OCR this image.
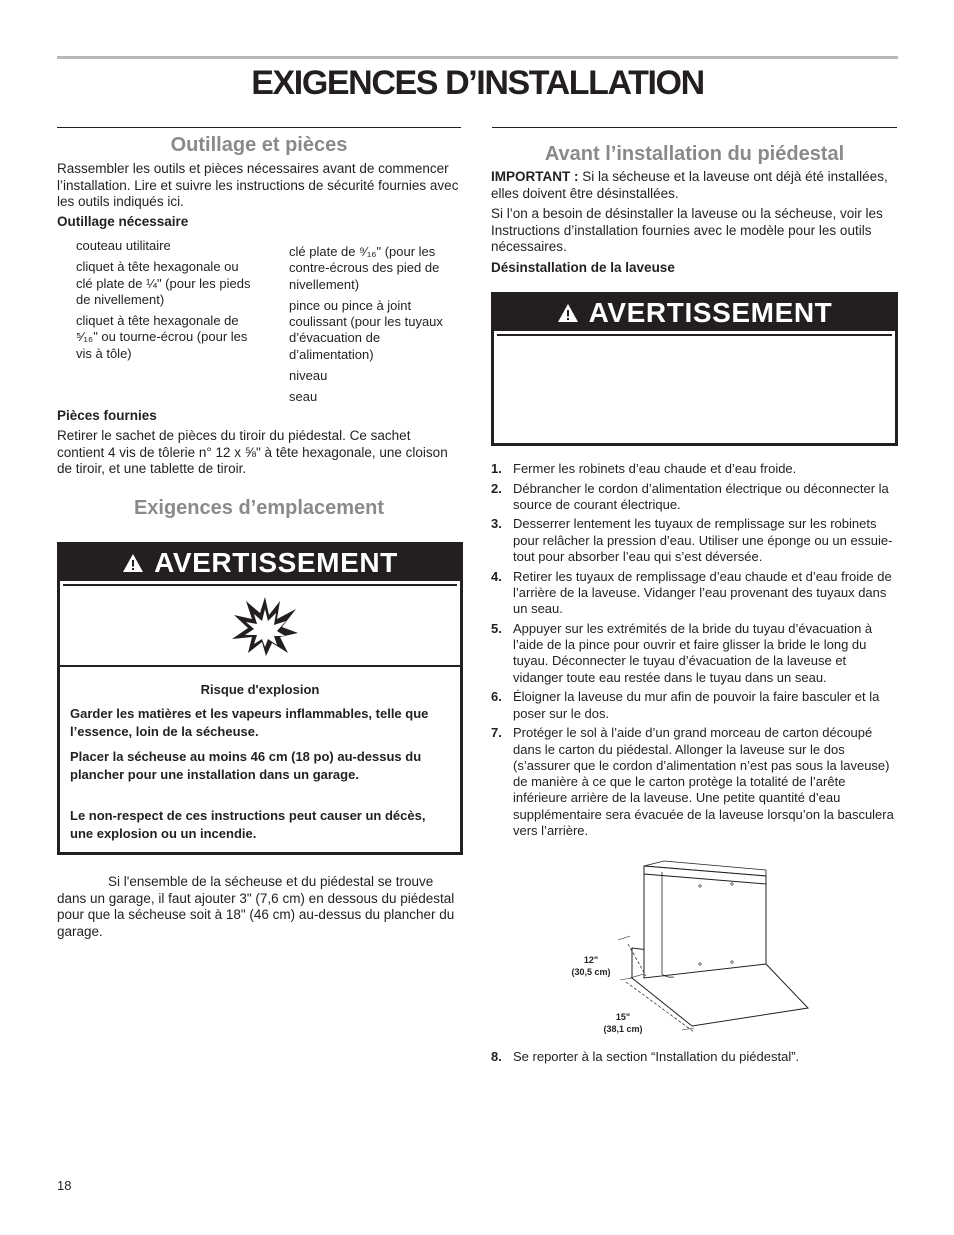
EXIGENCES D’INSTALLATION
Outillage et pièces
Rassembler les outils et pièces nécessaires avant de commencer l’installation. Lire et suivre les instructions de sécurité fournies avec les outils indiqués ici.
Outillage nécessaire

couteau utilitaire

cliquet à tête hexagonale ou clé plate de ¼" (pour les pieds de nivellement)

cliquet à tête hexagonale de ⁵⁄₁₆" ou tourne-écrou (pour les vis à tôle)

clé plate de ⁹⁄₁₆" (pour les contre-écrous des pied de nivellement)

pince ou pince à joint coulissant (pour les tuyaux d’évacuation de d’alimentation)

niveau

seau

Pièces fournies
Retirer le sachet de pièces du tiroir du piédestal. Ce sachet contient 4 vis de tôlerie n° 12 x ⅝" à tête hexagonale, une cloison de tiroir, et une tablette de tiroir.
Exigences d’emplacement
AVERTISSEMENT
Risque d'explosion
Garder les matières et les vapeurs inflammables, telle que l’essence, loin de la sécheuse.
Placer la sécheuse au moins 46 cm (18 po) au-dessus du plancher pour une installation dans un garage.
Le non-respect de ces instructions peut causer un décès, une explosion ou un incendie.
Si l'ensemble de la sécheuse et du piédestal se trouve dans un garage, il faut ajouter 3" (7,6 cm) en dessous du piédestal pour que la sécheuse soit à 18" (46 cm) au-dessus du plancher du garage.
Avant l’installation du piédestal
IMPORTANT : Si la sécheuse et la laveuse ont déjà été installées, elles doivent être désinstallées.
Si l’on a besoin de désinstaller la laveuse ou la sécheuse, voir les Instructions d’installation fournies avec le modèle pour les outils nécessaires.
Désinstallation de la laveuse
AVERTISSEMENT
1. Fermer les robinets d’eau chaude et d’eau froide.
2. Débrancher le cordon d’alimentation électrique ou déconnecter la source de courant électrique.
3. Desserrer lentement les tuyaux de remplissage sur les robinets pour relâcher la pression d’eau. Utiliser une éponge ou un essuie-tout pour absorber l’eau qui s’est déversée.
4. Retirer les tuyaux de remplissage d’eau chaude et d’eau froide de l’arrière de la laveuse. Vidanger l’eau provenant des tuyaux dans un seau.
5. Appuyer sur les extrémités de la bride du tuyau d’évacuation à l’aide de la pince pour ouvrir et faire glisser la bride le long du tuyau. Déconnecter le tuyau d’évacuation de la laveuse et vidanger toute eau restée dans le tuyau dans un seau.
6. Éloigner la laveuse du mur afin de pouvoir la faire basculer et la poser sur le dos.
7. Protéger le sol à l’aide d’un grand morceau de carton découpé dans le carton du piédestal. Allonger la laveuse sur le dos (s’assurer que le cordon d’alimentation n’est pas sous la laveuse) de manière à ce que le carton protège la totalité de l’arête inférieure arrière de la laveuse. Une petite quantité d’eau supplémentaire sera évacuée de la laveuse lorsqu’on la basculera vers l’arrière.
12"
(30,5 cm)
15"
(38,1 cm)
8. Se reporter à la section “Installation du piédestal”.
18
